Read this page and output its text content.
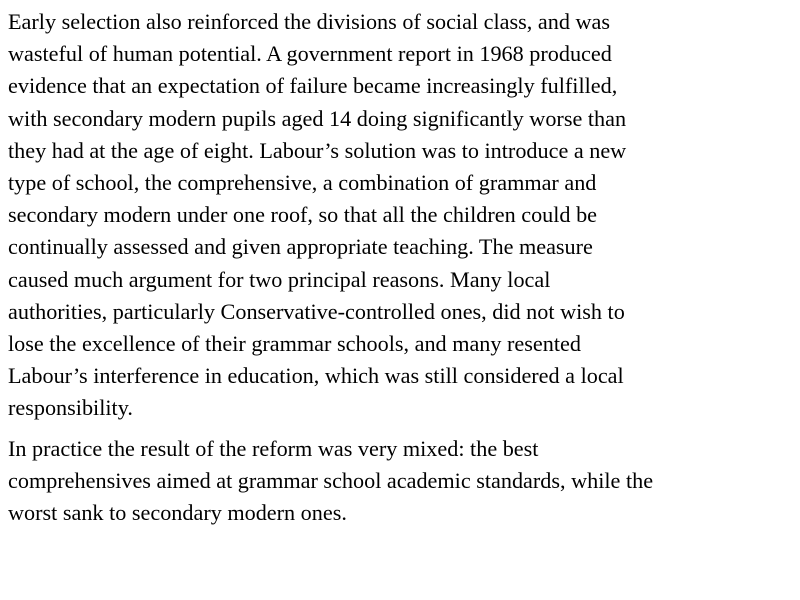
Early selection also reinforced the divisions of social class, and was
wasteful of human potential. A government report in 1968 produced
evidence that an expectation of failure became increasingly fulfilled,
with secondary modern pupils aged 14 doing significantly worse than
they had at the age of eight. Labour’s solution was to introduce a new
type of school, the comprehensive, a combination of grammar and
secondary modern under one roof, so that all the children could be
continually assessed and given appropriate teaching. The measure
caused much argument for two principal reasons. Many local
authorities, particularly Conservative-controlled ones, did not wish to
lose the excellence of their grammar schools, and many resented
Labour’s interference in education, which was still considered a local
responsibility.
In practice the result of the reform was very mixed: the best
comprehensives aimed at grammar school academic standards, while the
worst sank to secondary modern ones.
